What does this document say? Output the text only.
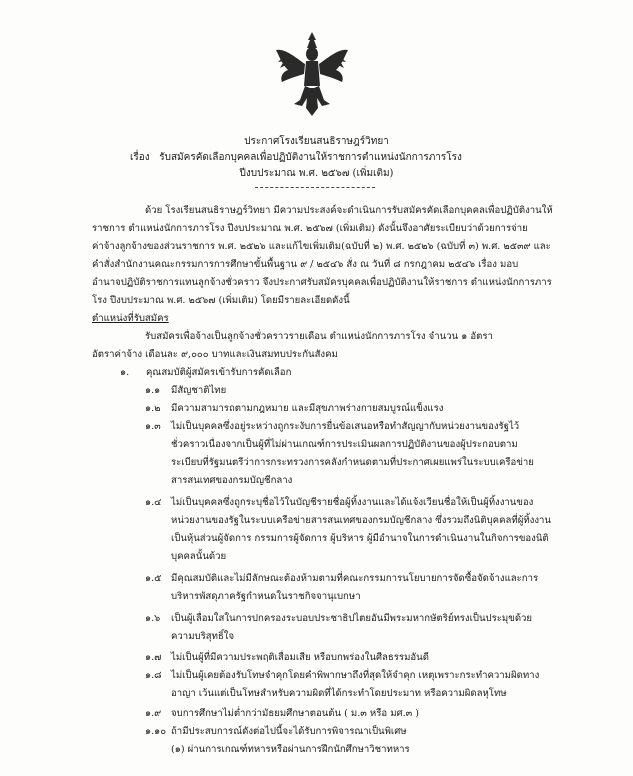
ประกาศโรงเรียนสนธิราษฎร์วิทยา
เรื่อง รับสมัครคัดเลือกบุคคลเพื่อปฏิบัติงานให้ราชการตำแหน่งนักการภารโรง
ปีงบประมาณ พ.ศ. ๒๕๖๗ (เพิ่มเติม)
ด้วย โรงเรียนสนธิราษฎร์วิทยา มีความประสงค์จะดำเนินการรับสมัครคัดเลือกบุคคลเพื่อปฏิบัติงานให้
ราชการ ตำแหน่งนักการภารโรง ปีงบประมาณ พ.ศ. ๒๕๖๗ (เพิ่มเติม) ดังนั้นจึงอาศัยระเบียบว่าด้วยการจ่าย
ค่าจ้างลูกจ้างของส่วนราชการ พ.ศ. ๒๕๒๖ และแก้ไขเพิ่มเติม(ฉบับที่ ๒) พ.ศ. ๒๕๒๖ (ฉบับที่ ๓) พ.ศ. ๒๕๓๙ และ
คำสั่งสำนักงานคณะกรรมการการศึกษาขั้นพื้นฐาน ๙ / ๒๕๔๖ สั่ง ณ วันที่ ๘ กรกฎาคม ๒๕๔๖ เรื่อง มอบ
อำนาจปฏิบัติราชการแทนลูกจ้างชั่วคราว จึงประกาศรับสมัครบุคคลเพื่อปฏิบัติงานให้ราชการ ตำแหน่งนักการภาร
โรง ปีงบประมาณ พ.ศ. ๒๕๖๗ (เพิ่มเติม) โดยมีรายละเอียดดังนี้
ตำแหน่งที่รับสมัคร
รับสมัครเพื่อจ้างเป็นลูกจ้างชั่วคราวรายเดือน ตำแหน่งนักการภารโรง จำนวน ๑ อัตรา
อัตราค่าจ้าง เดือนละ ๙,๐๐๐ บาทและเงินสมทบประกันสังคม
๑. คุณสมบัติผู้สมัครเข้ารับการคัดเลือก
๑.๑ มีสัญชาติไทย
๑.๒ มีความสามารถตามกฎหมาย และมีสุขภาพร่างกายสมบูรณ์แข็งแรง
๑.๓ ไม่เป็นบุคคลซึ่งอยู่ระหว่างถูกระงับการยื่นข้อเสนอหรือทำสัญญากับหน่วยงานของรัฐไว้
ชั่วคราวเนื่องจากเป็นผู้ที่ไม่ผ่านเกณฑ์การประเมินผลการปฏิบัติงานของผู้ประกอบตาม
ระเบียบที่รัฐมนตรีว่าการกระทรวงการคลังกำหนดตามที่ประกาศเผยแพร่ในระบบเครือข่าย
สารสนเทศของกรมบัญชีกลาง
๑.๔ ไม่เป็นบุคคลซึ่งถูกระบุชื่อไว้ในบัญชีรายชื่อผู้ทิ้งงานและได้แจ้งเวียนชื่อให้เป็นผู้ทิ้งงานของ
หน่วยงานของรัฐในระบบเครือข่ายสารสนเทศของกรมบัญชีกลาง ซึ่งรวมถึงนิติบุคคลที่ผู้ทิ้งงาน
เป็นหุ้นส่วนผู้จัดการ กรรมการผู้จัดการ ผู้บริหาร ผู้มีอำนาจในการดำเนินงานในกิจการของนิติ
บุคคลนั้นด้วย
๑.๕ มีคุณสมบัติและไม่มีลักษณะต้องห้ามตามที่คณะกรรมการนโยบายการจัดซื้อจัดจ้างและการ
บริหารพัสดุภาครัฐกำหนดในราชกิจจานุเบกษา
๑.๖ เป็นผู้เลื่อมใสในการปกครองระบอบประชาธิปไตยอันมีพระมหากษัตริย์ทรงเป็นประมุขด้วย
ความบริสุทธิ์ใจ
๑.๗ ไม่เป็นผู้ที่มีความประพฤติเสื่อมเสีย หรือบกพร่องในศีลธรรมอันดี
๑.๘ ไม่เป็นผู้เคยต้องรับโทษจำคุกโดยคำพิพากษาถึงที่สุดให้จำคุก เหตุเพราะกระทำความผิดทาง
อาญา เว้นแต่เป็นโทษสำหรับความผิดที่ได้กระทำโดยประมาท หรือความผิดลหุโทษ
๑.๙ จบการศึกษาไม่ต่ำกว่ามัธยมศึกษาตอนต้น ( ม.๓ หรือ มศ.๓ )
๑.๑๐ ถ้ามีประสบการณ์ดังต่อไปนี้จะได้รับการพิจารณาเป็นพิเศษ
(๑) ผ่านการเกณฑ์ทหารหรือผ่านการฝึกนักศึกษาวิชาทหาร
